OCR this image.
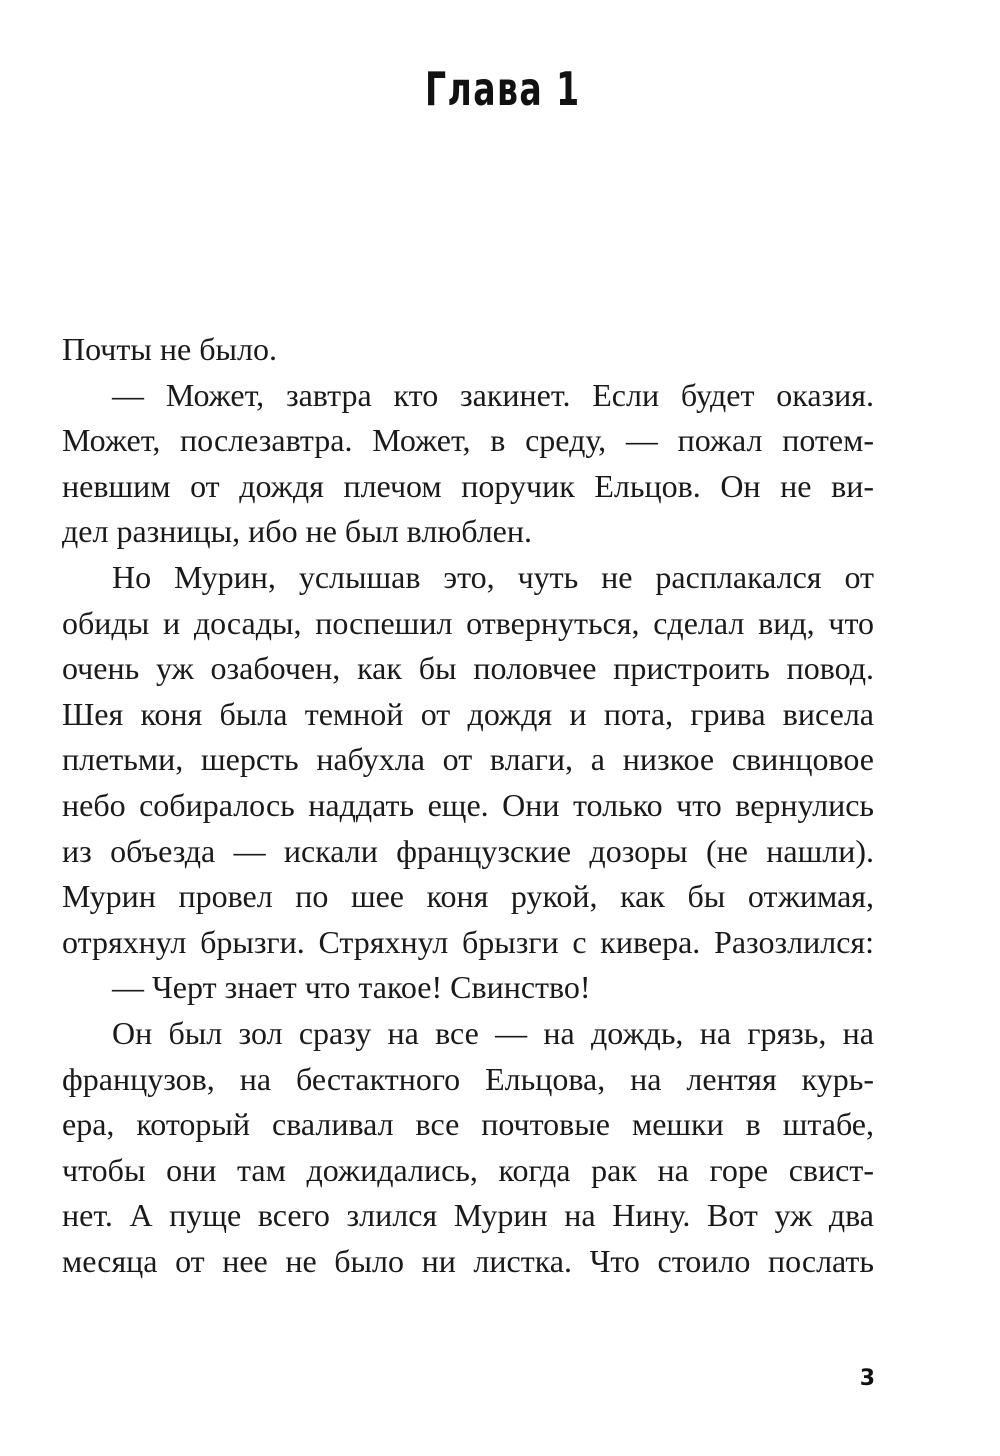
Глава 1
Почты не было.
— Может, завтра кто закинет. Если будет оказия.
Может, послезавтра. Может, в среду, — пожал потем-
невшим от дождя плечом поручик Ельцов. Он не ви-
дел разницы, ибо не был влюблен.
Но Мурин, услышав это, чуть не расплакался от
обиды и досады, поспешил отвернуться, сделал вид, что
очень уж озабочен, как бы половчее пристроить повод.
Шея коня была темной от дождя и пота, грива висела
плетьми, шерсть набухла от влаги, а низкое свинцовое
небо собиралось наддать еще. Они только что вернулись
из объезда — искали французские дозоры (не нашли).
Мурин провел по шее коня рукой, как бы отжимая,
отряхнул брызги. Стряхнул брызги с кивера. Разозлился:
— Черт знает что такое! Свинство!
Он был зол сразу на все — на дождь, на грязь, на
французов, на бестактного Ельцова, на лентяя курь-
ера, который сваливал все почтовые мешки в штабе,
чтобы они там дожидались, когда рак на горе свист-
нет. А пуще всего злился Мурин на Нину. Вот уж два
месяца от нее не было ни листка. Что стоило послать
3
